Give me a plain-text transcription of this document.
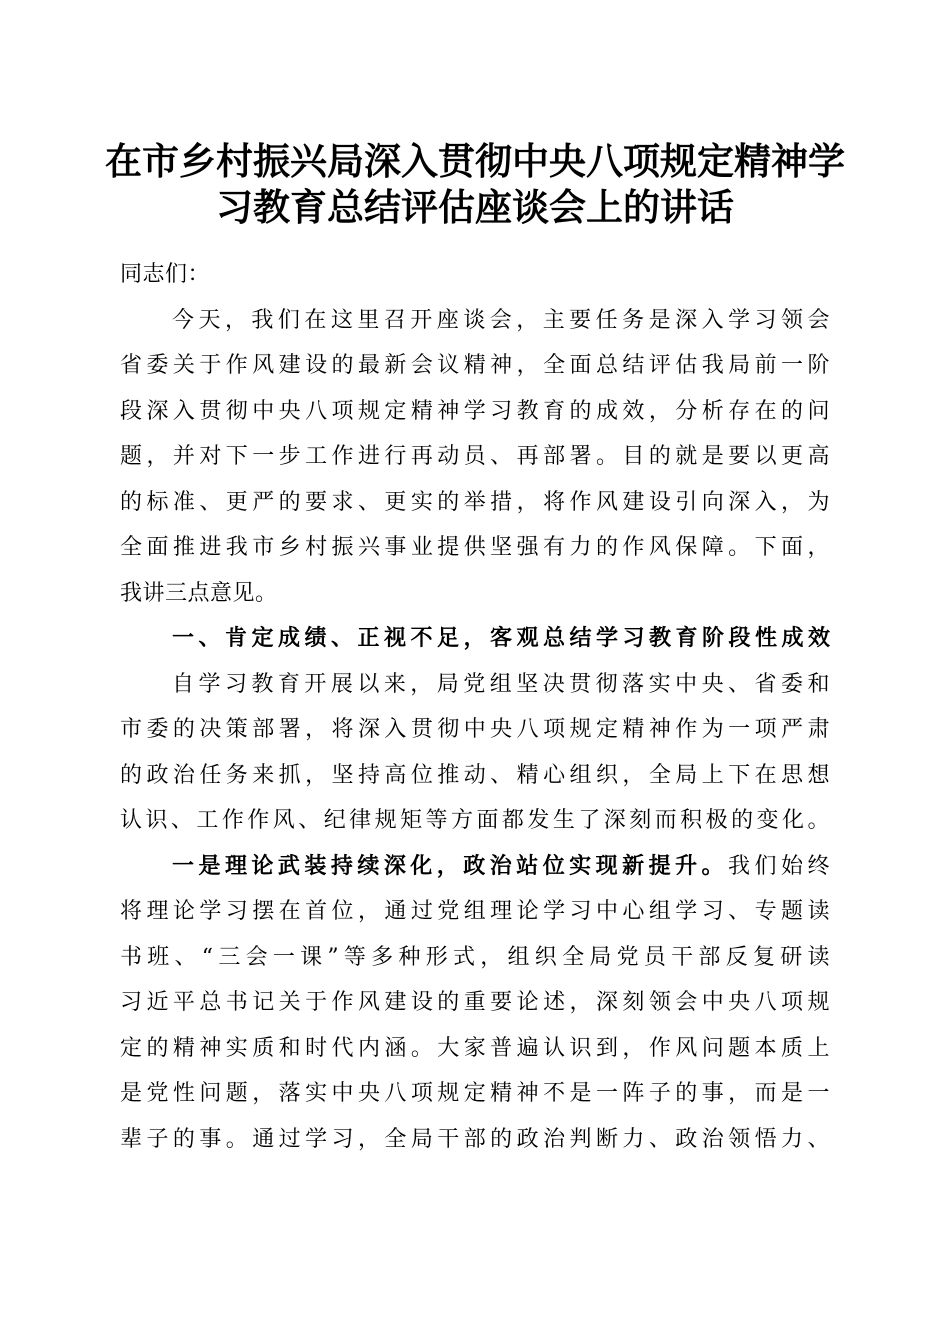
在市乡村振兴局深入贯彻中央八项规定精神学
习教育总结评估座谈会上的讲话
同志们：
今天，我们在这里召开座谈会，主要任务是深入学习领会
省委关于作风建设的最新会议精神，全面总结评估我局前一阶
段深入贯彻中央八项规定精神学习教育的成效，分析存在的问
题，并对下一步工作进行再动员、再部署。目的就是要以更高
的标准、更严的要求、更实的举措，将作风建设引向深入，为
全面推进我市乡村振兴事业提供坚强有力的作风保障。下面，
我讲三点意见。
一、肯定成绩、正视不足，客观总结学习教育阶段性成效
自学习教育开展以来，局党组坚决贯彻落实中央、省委和
市委的决策部署，将深入贯彻中央八项规定精神作为一项严肃
的政治任务来抓，坚持高位推动、精心组织，全局上下在思想
认识、工作作风、纪律规矩等方面都发生了深刻而积极的变化。
一是理论武装持续深化，政治站位实现新提升。我们始终
将理论学习摆在首位，通过党组理论学习中心组学习、专题读
书班、“三会一课”等多种形式，组织全局党员干部反复研读
习近平总书记关于作风建设的重要论述，深刻领会中央八项规
定的精神实质和时代内涵。大家普遍认识到，作风问题本质上
是党性问题，落实中央八项规定精神不是一阵子的事，而是一
辈子的事。通过学习，全局干部的政治判断力、政治领悟力、
